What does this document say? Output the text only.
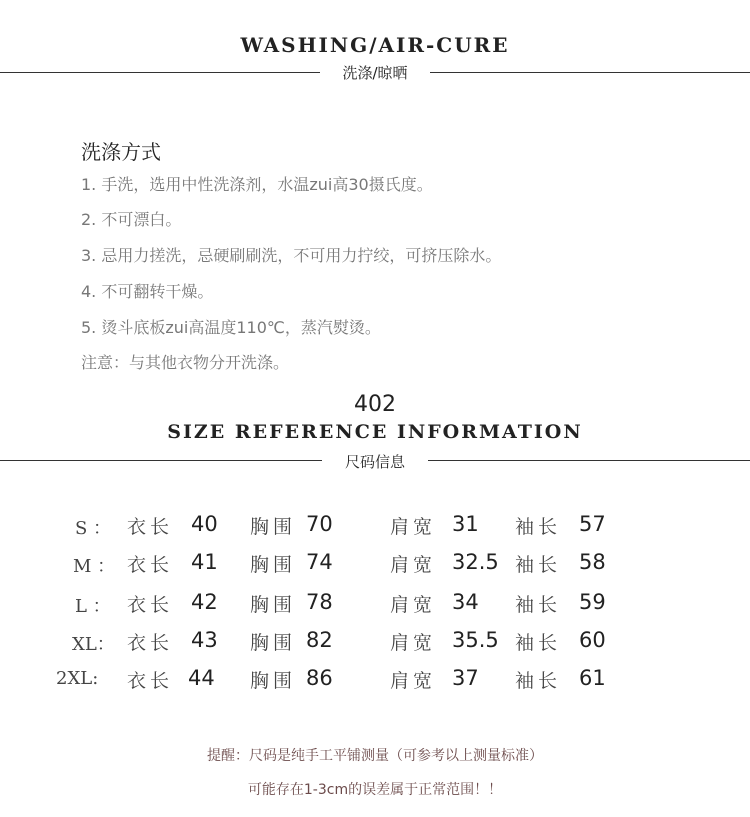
WASHING/AIR-CURE
洗涤/晾晒
洗涤方式
1. 手洗，选用中性洗涤剂，水温zui高30摄氏度。
2. 不可漂白。
3. 忌用力搓洗，忌硬刷刷洗，不可用力拧绞，可挤压除水。
4. 不可翻转干燥。
5. 烫斗底板zui高温度110℃，蒸汽熨烫。
注意：与其他衣物分开洗涤。
402
SIZE REFERENCE INFORMATION
尺码信息
S ： 衣长 40 胸围 70	肩宽 31 袖长 57
M ： 衣长 41 胸围 74	肩宽 32.5 袖长 58
L ： 衣长 42 胸围 78	肩宽 34 袖长 59
XL： 衣长 43 胸围 82	肩宽 35.5 袖长 60
2XL: 衣长 44 胸围 86	肩宽 37 袖长 61
提醒：尺码是纯手工平铺测量（可参考以上测量标准）
可能存在1-3cm的误差属于正常范围！！
